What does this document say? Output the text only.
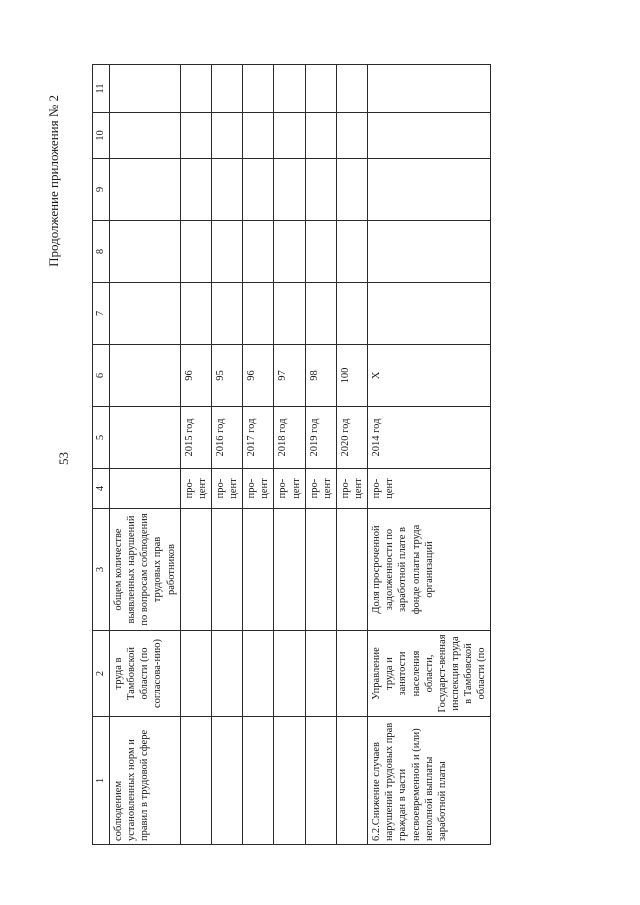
53
Продолжение приложения № 2
1	2	3	4	5	6	7	8	9	10	11
соблюдением установленных норм и правил в трудовой сфере	труда в Тамбовской области (по согласова-нию)	общем количестве выявленных нарушений по вопросам соблюдения трудовых прав работников								
			про-цент	2015 год	96					
			про-цент	2016 год	95					
			про-цент	2017 год	96					
			про-цент	2018 год	97					
			про-цент	2019 год	98					
			про-цент	2020 год	100					
6.2.Снижение случаев нарушений трудовых прав граждан в части несвоевременной и (или) неполной выплаты заработной платы	Управление труда и занятости населения области, Государст-венная инспекция труда в Тамбовской области (по	Доля просроченной задолженности по заработной плате в фонде оплаты труда организаций	про-цент	2014 год	Х					
